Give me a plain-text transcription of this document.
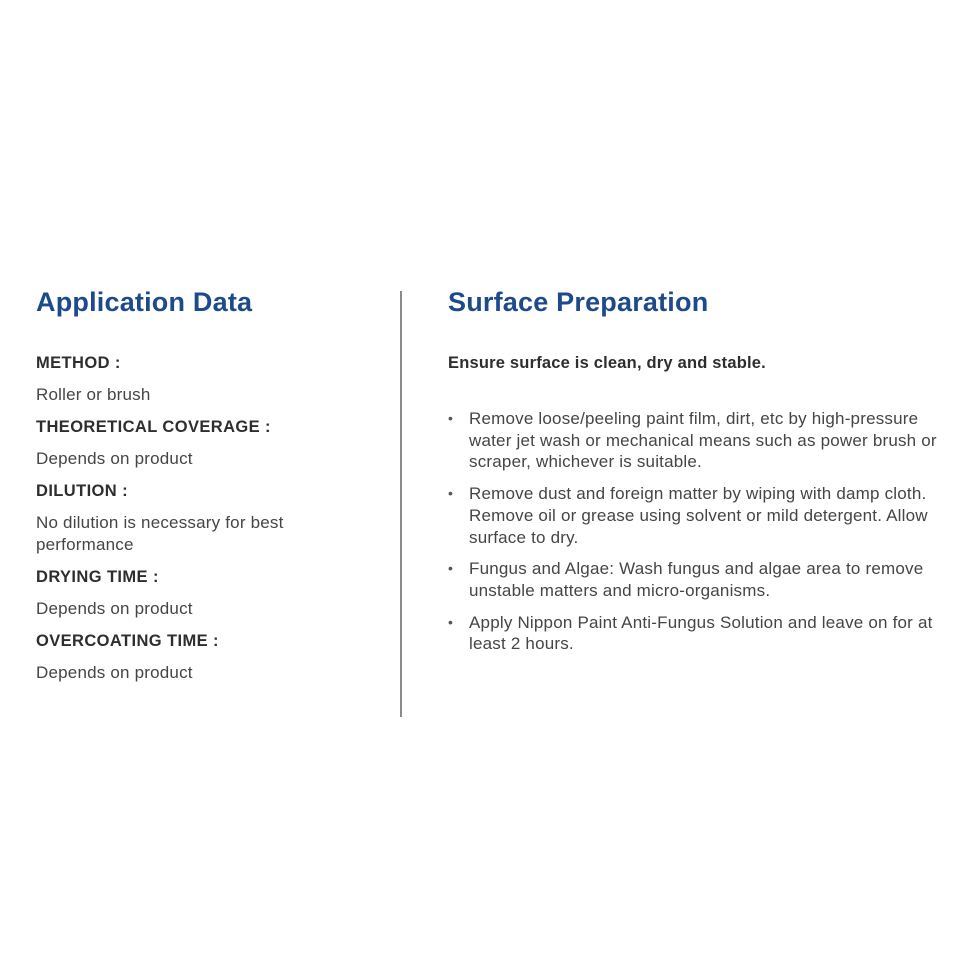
Application Data

METHOD :

Roller or brush

THEORETICAL COVERAGE :

Depends on product

DILUTION :

No dilution is necessary for best performance

DRYING TIME :

Depends on product

OVERCOATING TIME :

Depends on product

Surface Preparation

Ensure surface is clean, dry and stable.

• Remove loose/peeling paint film, dirt, etc by high-pressure water jet wash or mechanical means such as power brush or scraper, whichever is suitable.
• Remove dust and foreign matter by wiping with damp cloth. Remove oil or grease using solvent or mild detergent. Allow surface to dry.
• Fungus and Algae: Wash fungus and algae area to remove unstable matters and micro-organisms.
• Apply Nippon Paint Anti-Fungus Solution and leave on for at least 2 hours.
